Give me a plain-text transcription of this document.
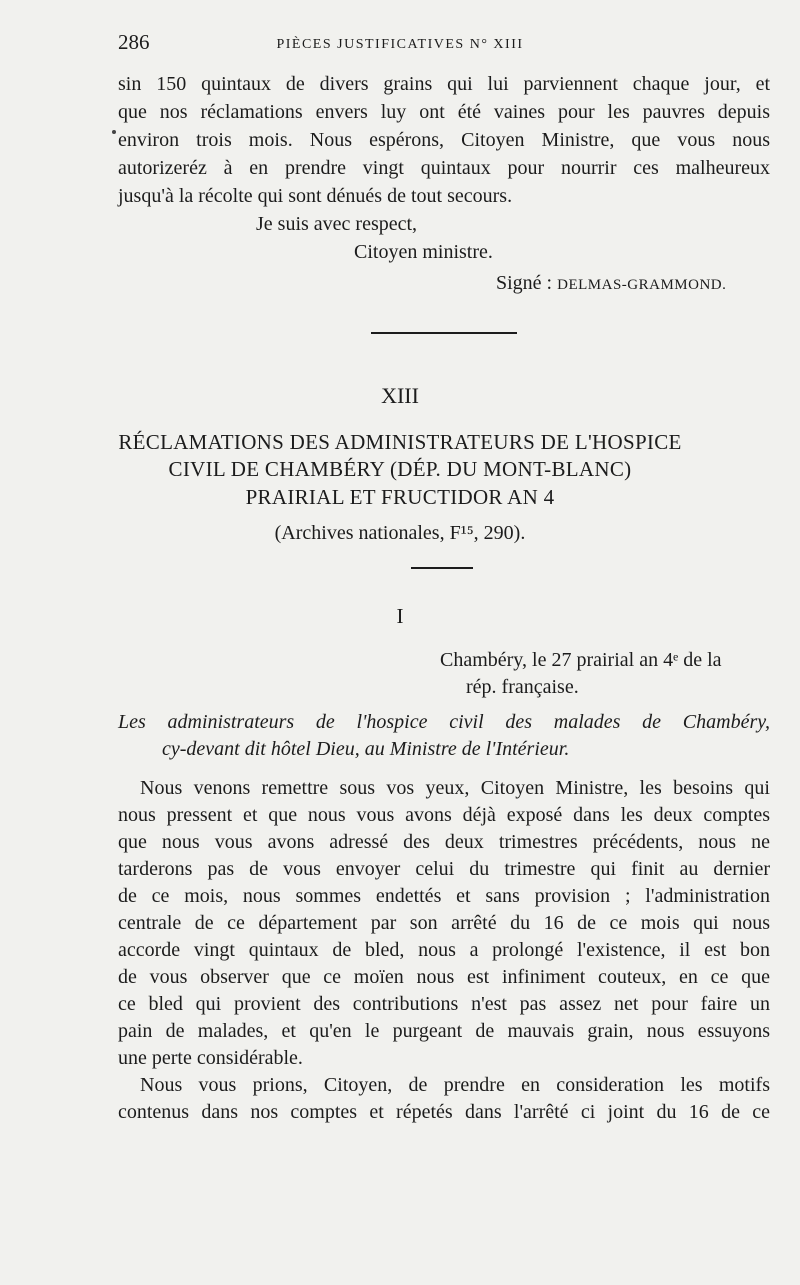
286	PIÈCES JUSTIFICATIVES N° XIII
sin 150 quintaux de divers grains qui lui parviennent chaque jour, et
que nos réclamations envers luy ont été vaines pour les pauvres depuis
environ trois mois. Nous espérons, Citoyen Ministre, que vous nous
autorizeréz à en prendre vingt quintaux pour nourrir ces malheureux
jusqu'à la récolte qui sont dénués de tout secours.
Je suis avec respect,
Citoyen ministre.
Signé : DELMAS-GRAMMOND.
XIII
RÉCLAMATIONS DES ADMINISTRATEURS DE L'HOSPICE
CIVIL DE CHAMBÉRY (DÉP. DU MONT-BLANC)
PRAIRIAL ET FRUCTIDOR AN 4
(Archives nationales, F¹⁵, 290).
I
Chambéry, le 27 prairial an 4ᵉ de la
rép. française.
Les administrateurs de l'hospice civil des malades de Chambéry,
cy-devant dit hôtel Dieu, au Ministre de l'Intérieur.
Nous venons remettre sous vos yeux, Citoyen Ministre, les besoins qui
nous pressent et que nous vous avons déjà exposé dans les deux comptes
que nous vous avons adressé des deux trimestres précédents, nous ne
tarderons pas de vous envoyer celui du trimestre qui finit au dernier
de ce mois, nous sommes endettés et sans provision ; l'administration
centrale de ce département par son arrêté du 16 de ce mois qui nous
accorde vingt quintaux de bled, nous a prolongé l'existence, il est bon
de vous observer que ce moïen nous est infiniment couteux, en ce que
ce bled qui provient des contributions n'est pas assez net pour faire un
pain de malades, et qu'en le purgeant de mauvais grain, nous essuyons
une perte considérable.
Nous vous prions, Citoyen, de prendre en consideration les motifs
contenus dans nos comptes et répetés dans l'arrêté ci joint du 16 de ce
